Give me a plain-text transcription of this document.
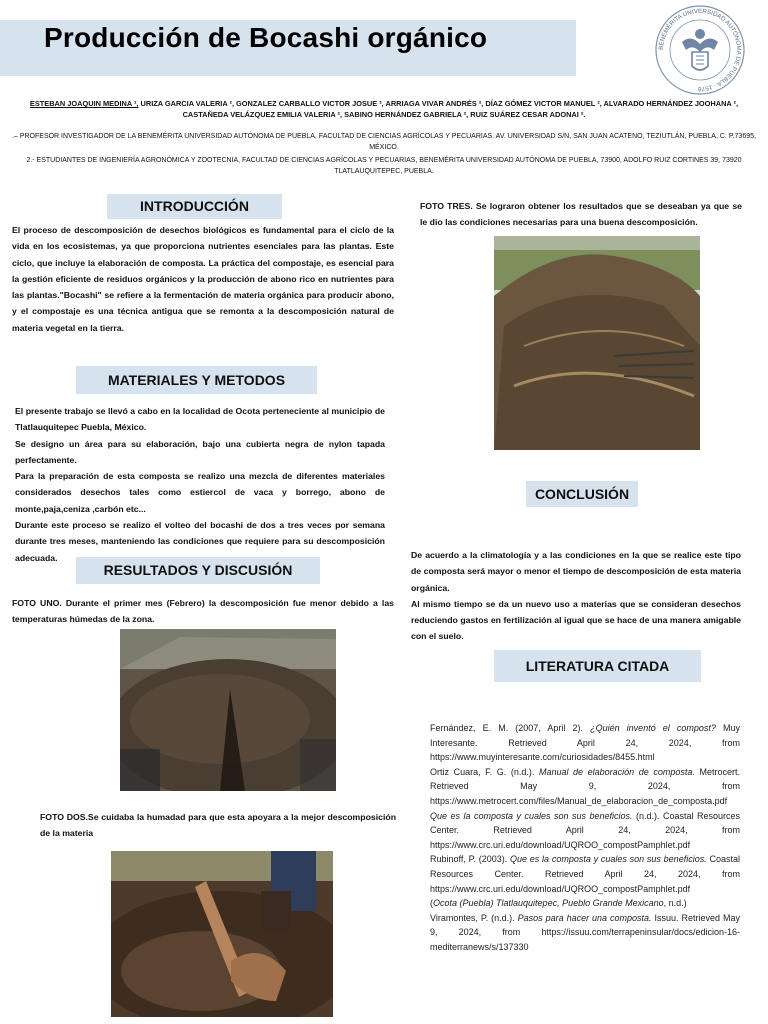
Producción de Bocashi orgánico	BENEMÉRITA UNIVERSIDAD AUTÓNOMA DE PUEBLA · 1578
ESTEBAN JOAQUIN MEDINA ¹, URIZA GARCIA VALERIA ², GONZALEZ CARBALLO VICTOR JOSUE ², ARRIAGA VIVAR ANDRÉS ², DÍAZ GÓMEZ VICTOR MANUEL ², ALVARADO HERNÁNDEZ JOOHANA ², CASTAÑEDA VELÁZQUEZ EMILIA VALERIA ², SABINO HERNÁNDEZ GABRIELA ², RUIZ SUÁREZ CESAR ADONAI ².
.– PROFESOR INVESTIGADOR DE LA BENEMÉRITA UNIVERSIDAD AUTÓNOMA DE PUEBLA, FACULTAD DE CIENCIAS AGRÍCOLAS Y PECUARIAS. AV. UNIVERSIDAD S/N, SAN JUAN ACATENO, TEZIUTLÁN, PUEBLA, C. P.73695, MÉXICO.
2.- ESTUDIANTES DE INGENIERÍA AGRONÓMICA Y ZOOTECNIA, FACULTAD DE CIENCIAS AGRÍCOLAS Y PECUARIAS, BENEMÉRITA UNIVERSIDAD AUTÓNOMA DE PUEBLA, 73900, ADOLFO RUIZ CORTINES 39, 73920 TLATLAUQUITEPEC, PUEBLA.
INTRODUCCIÓN
El proceso de descomposición de desechos biológicos es fundamental para el ciclo de la vida en los ecosistemas, ya que proporciona nutrientes esenciales para las plantas. Este ciclo, que incluye la elaboración de composta. La práctica del compostaje, es esencial para la gestión eficiente de residuos orgánicos y la producción de abono rico en nutrientes para las plantas."Bocashi" se refiere a la fermentación de materia orgánica para producir abono, y el compostaje es una técnica antigua que se remonta a la descomposición natural de materia vegetal en la tierra.
MATERIALES Y METODOS

El presente trabajo se llevó a cabo en la localidad de Ocota perteneciente al municipio de Tlatlauquitepec Puebla, México.

Se designo un área para su elaboración, bajo una cubierta negra de nylon tapada perfectamente.

Para la preparación de esta composta se realizo una mezcla de diferentes materiales considerados desechos tales como estiercol de vaca y borrego, abono de monte,paja,ceniza ,carbón etc...

Durante este proceso se realizo el volteo del bocashi de dos a tres veces por semana durante tres meses, manteniendo las condiciones que requiere para su descomposición adecuada.

RESULTADOS Y DISCUSIÓN
FOTO UNO. Durante el primer mes (Febrero) la descomposición fue menor debido a las temperaturas húmedas de la zona.
FOTO DOS.Se cuidaba la humadad para que esta apoyara a la mejor descomposición de la materia
FOTO TRES. Se lograron obtener los resultados que se deseaban ya que se le dio las condiciones necesarias para una buena descomposición.
CONCLUSIÓN

De acuerdo a la climatología y a las condiciones en la que se realice este tipo de composta será mayor o menor el tiempo de descomposición de esta materia orgánica.

Al mismo tiempo se da un nuevo uso a materias que se consideran desechos reduciendo gastos en fertilización al igual que se hace de una manera amigable con el suelo.

LITERATURA CITADA

Fernández, E. M. (2007, April 2). ¿Quién inventó el compost? Muy Interesante. Retrieved April 24, 2024, from https://www.muyinteresante.com/curiosidades/8455.html

Ortiz Cuara, F. G. (n.d.). Manual de elaboración de composta. Metrocert. Retrieved May 9, 2024, from https://www.metrocert.com/files/Manual_de_elaboracion_de_composta.pdf

Que es la composta y cuales son sus beneficios. (n.d.). Coastal Resources Center. Retrieved April 24, 2024, from https://www.crc.uri.edu/download/UQROO_compostPamphlet.pdf

Rubinoff, P. (2003). Que es la composta y cuales son sus beneficios. Coastal Resources Center. Retrieved April 24, 2024, from https://www.crc.uri.edu/download/UQROO_compostPamphlet.pdf

(Ocota (Puebla) Tlatlauquitepec, Pueblo Grande Mexicano, n.d.)

Viramontes, P. (n.d.). Pasos para hacer una composta. Issuu. Retrieved May 9, 2024, from https://issuu.com/terrapeninsular/docs/edicion-16-mediterranews/s/137330
